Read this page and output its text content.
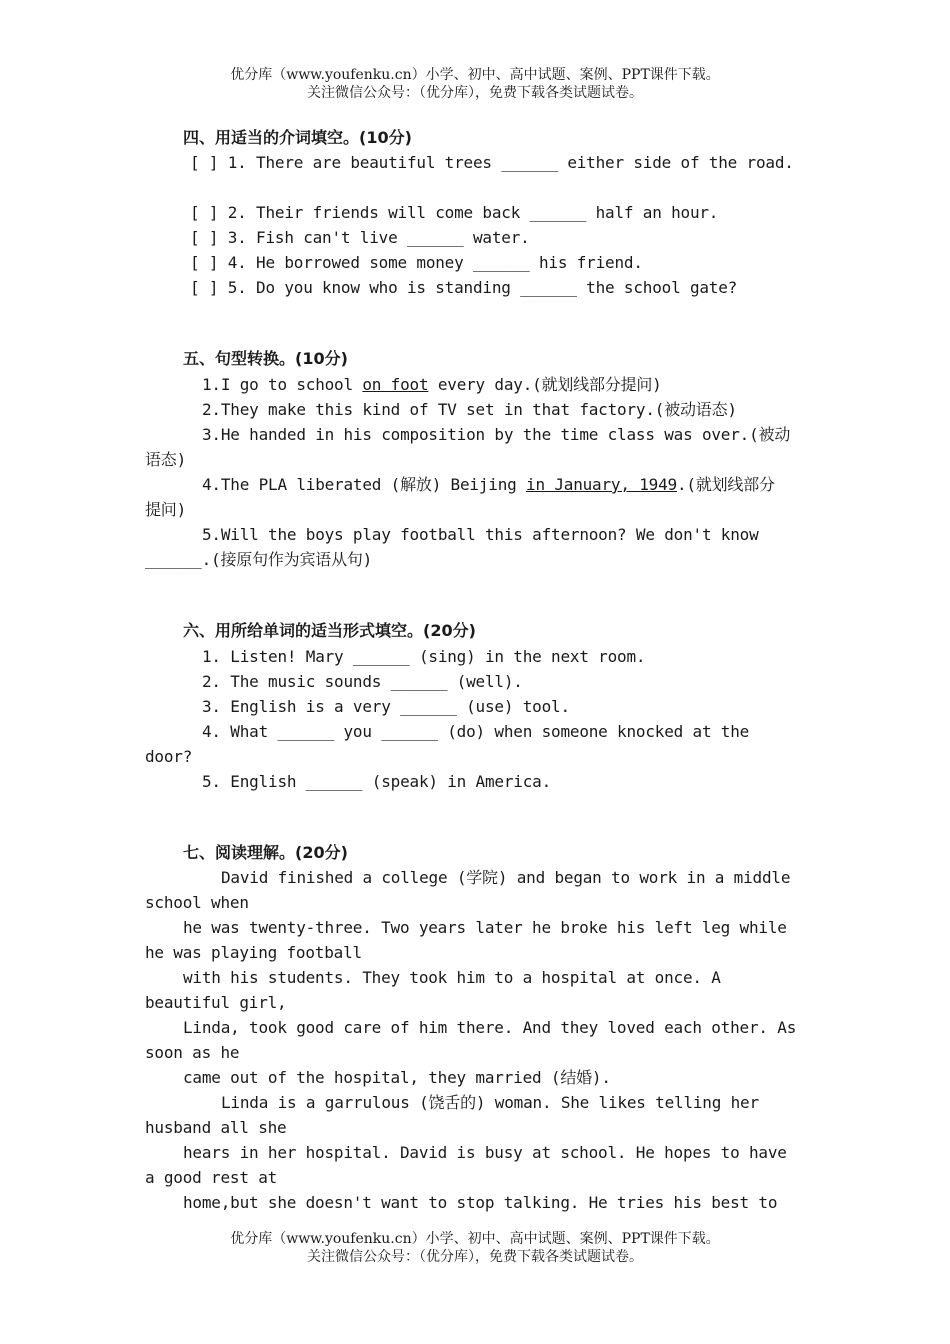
优分库（www.youfenku.cn）小学、初中、高中试题、案例、PPT课件下载。
关注微信公众号：（优分库），免费下载各类试题试卷。
四、用适当的介词填空。(10分)
[ ] 1. There are beautiful trees ______ either side of the road.
[ ] 2. Their friends will come back ______ half an hour.
[ ] 3. Fish can't live ______ water.
[ ] 4. He borrowed some money ______ his friend.
[ ] 5. Do you know who is standing ______ the school gate?
五、句型转换。(10分)
1.I go to school on foot every day.(就划线部分提问)
2.They make this kind of TV set in that factory.(被动语态)
3.He handed in his composition by the time class was over.(被动
语态)
4.The PLA liberated (解放) Beijing in January, 1949.(就划线部分
提问)
5.Will the boys play football this afternoon? We don't know
______.(接原句作为宾语从句)
六、用所给单词的适当形式填空。(20分)
1. Listen! Mary ______ (sing) in the next room.
2. The music sounds ______ (well).
3. English is a very ______ (use) tool.
4. What ______ you ______ (do) when someone knocked at the
door?
5. English ______ (speak) in America.
七、阅读理解。(20分)
David finished a college (学院) and began to work in a middle
school when
he was twenty-three. Two years later he broke his left leg while
he was playing football
with his students. They took him to a hospital at once. A
beautiful girl,
Linda, took good care of him there. And they loved each other. As
soon as he
came out of the hospital, they married (结婚).
Linda is a garrulous (饶舌的) woman. She likes telling her
husband all she
hears in her hospital. David is busy at school. He hopes to have
a good rest at
home,but she doesn't want to stop talking. He tries his best to
优分库（www.youfenku.cn）小学、初中、高中试题、案例、PPT课件下载。
关注微信公众号：（优分库），免费下载各类试题试卷。
